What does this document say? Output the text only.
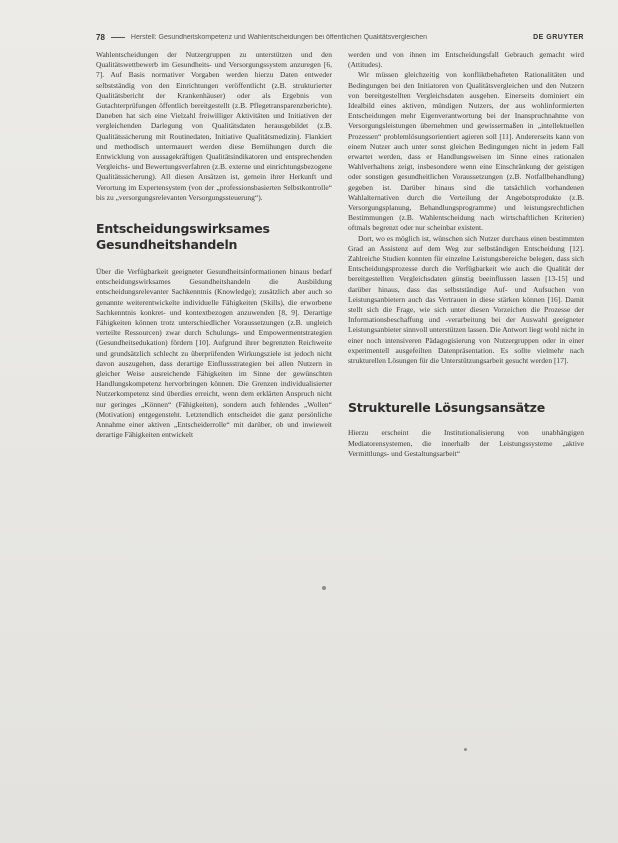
78	Herstell: Gesundheitskompetenz und Wahlentscheidungen bei öffentlichen Qualitätsvergleichen	DE GRUYTER

Wahlentscheidungen der Nutzergruppen zu unterstützen und den Qualitätswettbewerb im Gesundheits- und Versorgungssystem anzuregen [6, 7]. Auf Basis normativer Vorgaben werden hierzu Daten entweder selbstständig von den Einrichtungen veröffentlicht (z.B. strukturierter Qualitätsbericht der Krankenhäuser) oder als Ergebnis von Gutachterprüfungen öffentlich bereitgestellt (z.B. Pflegetransparenzberichte). Daneben hat sich eine Vielzahl freiwilliger Aktivitäten und Initiativen der vergleichenden Darlegung von Qualitätsdaten herausgebildet (z.B. Qualitätssicherung mit Routinedaten, Initiative Qualitätsmedizin). Flankiert und methodisch untermauert werden diese Bemühungen durch die Entwicklung von aussagekräftigen Qualitätsindikatoren und entsprechenden Vergleichs- und Bewertungsverfahren (z.B. externe und einrichtungsbezogene Qualitätssicherung). All diesen Ansätzen ist, gemein ihrer Herkunft und Verortung im Expertensystem (von der „professionsbasierten Selbstkontrolle“ bis zu „versorgungsrelevanten Versorgungssteuerung“).

Entscheidungswirksames Gesundheitshandeln

Über die Verfügbarkeit geeigneter Gesundheitsinformationen hinaus bedarf entscheidungswirksames Gesundheitshandeln die Ausbildung entscheidungsrelevanter Sachkenntnis (Knowledge); zusätzlich aber auch so genannte weiterentwickelte individuelle Fähigkeiten (Skills), die erworbene Sachkenntnis konkret- und kontextbezogen anzuwenden [8, 9]. Derartige Fähigkeiten können trotz unterschiedlicher Voraussetzungen (z.B. ungleich verteilte Ressourcen) zwar durch Schulungs- und Empowermentstrategien (Gesundheitsedukation) fördern [10]. Aufgrund ihrer begrenzten Reichweite und grundsätzlich schlecht zu überprüfenden Wirkungsziele ist jedoch nicht davon auszugehen, dass derartige Einflussstrategien bei allen Nutzern in gleicher Weise ausreichende Fähigkeiten im Sinne der gewünschten Handlungskompetenz hervorbringen können. Die Grenzen individualisierter Nutzerkompetenz sind überdies erreicht, wenn dem erklärten Anspruch nicht nur geringes „Können“ (Fähigkeiten), sondern auch fehlendes „Wollen“ (Motivation) entgegensteht. Letztendlich entscheidet die ganz persönliche Annahme einer aktiven „Entscheiderrolle“ mit darüber, ob und inwieweit derartige Fähigkeiten entwickelt

werden und von ihnen im Entscheidungsfall Gebrauch gemacht wird (Attitudes).

Wir müssen gleichzeitig von konfliktbehafteten Rationalitäten und Bedingungen bei den Initiatoren von Qualitätsvergleichen und den Nutzern von bereitgestellten Vergleichsdaten ausgehen. Einerseits dominiert ein Idealbild eines aktiven, mündigen Nutzers, der aus wohlinformierten Entscheidungen mehr Eigenverantwortung bei der Inanspruchnahme von Versorgungsleistungen übernehmen und gewissermaßen in „intellektuellen Prozessen“ problemlösungsorientiert agieren soll [11]. Andererseits kann von einem Nutzer auch unter sonst gleichen Bedingungen nicht in jedem Fall erwartet werden, dass er Handlungsweisen im Sinne eines rationalen Wahlverhaltens zeigt, insbesondere wenn eine Einschränkung der geistigen oder sonstigen gesundheitlichen Voraussetzungen (z.B. Notfallbehandlung) gegeben ist. Darüber hinaus sind die tatsächlich vorhandenen Wahlalternativen durch die Verteilung der Angebotsprodukte (z.B. Versorgungsplanung, Behandlungsprogramme) und leistungsrechtlichen Bestimmungen (z.B. Wahlentscheidung nach wirtschaftlichen Kriterien) oftmals begrenzt oder nur scheinbar existent.

Dort, wo es möglich ist, wünschen sich Nutzer durchaus einen bestimmten Grad an Assistenz auf dem Weg zur selbständigen Entscheidung [12]. Zahlreiche Studien konnten für einzelne Leistungsbereiche belegen, dass sich Entscheidungsprozesse durch die Verfügbarkeit wie auch die Qualität der bereitgestellten Vergleichsdaten günstig beeinflussen lassen [13-15] und darüber hinaus, dass das selbstständige Auf- und Aufsuchen von Leistungsanbietern auch das Vertrauen in diese stärken können [16]. Damit stellt sich die Frage, wie sich unter diesen Vorzeichen die Prozesse der Informationsbeschaffung und -verarbeitung bei der Auswahl geeigneter Leistungsanbieter sinnvoll unterstützen lassen. Die Antwort liegt wohl nicht in einer noch intensiveren Pädagogisierung von Nutzergruppen oder in einer experimentell ausgefeilten Datenpräsentation. Es sollte vielmehr nach strukturellen Lösungen für die Unterstützungsarbeit gesucht werden [17].

Strukturelle Lösungsansätze

Hierzu erscheint die Institutionalisierung von unabhängigen Mediatorensystemen, die innerhalb der Leistungssysteme „aktive Vermittlungs- und Gestaltungsarbeit“
